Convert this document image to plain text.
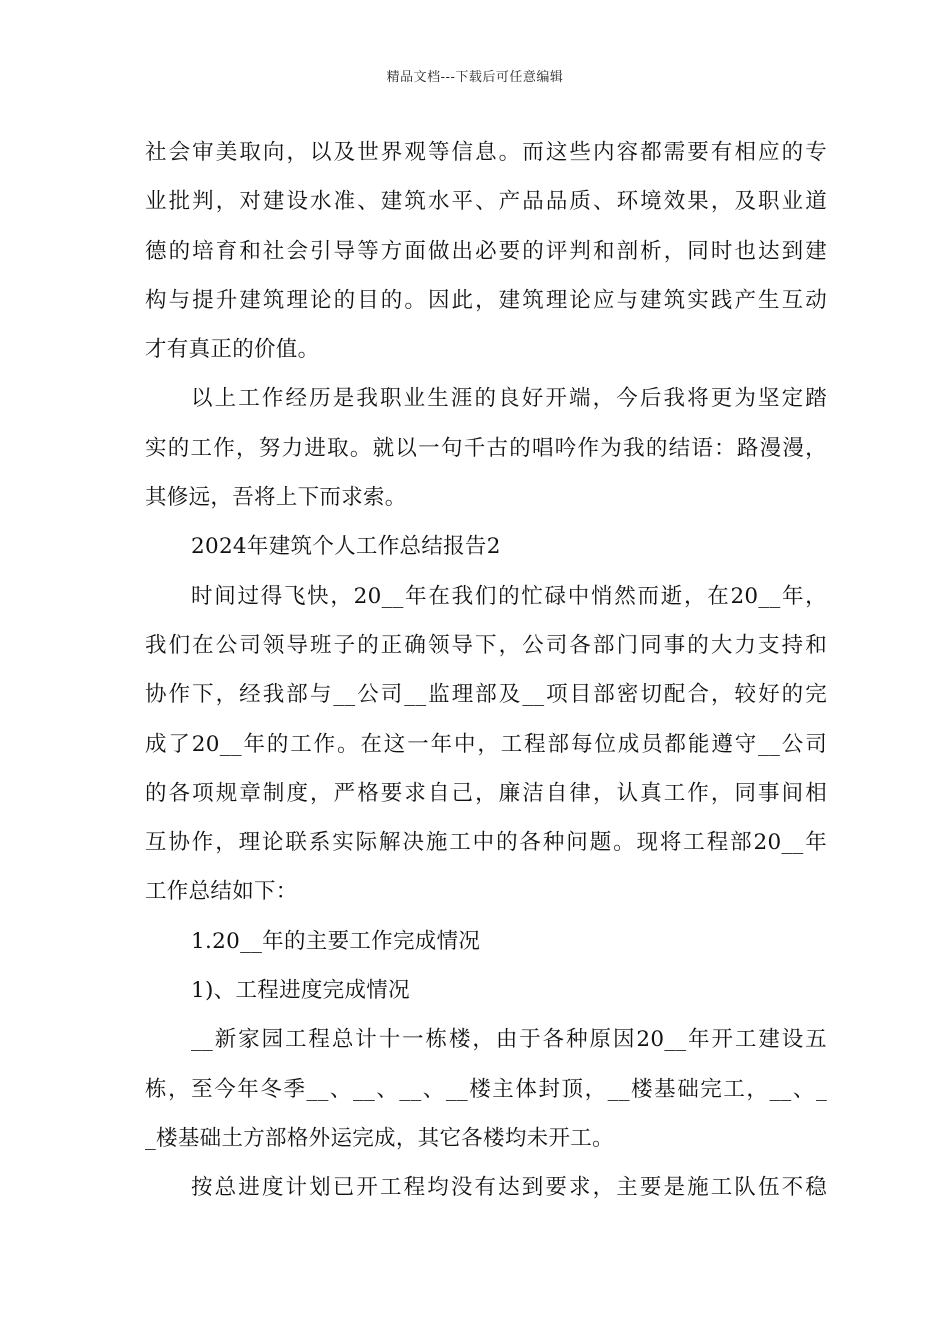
精品文档---下载后可任意编辑
社会审美取向，以及世界观等信息。而这些内容都需要有相应的专
业批判，对建设水准、建筑水平、产品品质、环境效果，及职业道
德的培育和社会引导等方面做出必要的评判和剖析，同时也达到建
构与提升建筑理论的目的。因此，建筑理论应与建筑实践产生互动
才有真正的价值。
以上工作经历是我职业生涯的良好开端，今后我将更为坚定踏
实的工作，努力进取。就以一句千古的唱吟作为我的结语：路漫漫，
其修远，吾将上下而求索。
2024年建筑个人工作总结报告2
时间过得飞快，20__年在我们的忙碌中悄然而逝，在20__年，
我们在公司领导班子的正确领导下，公司各部门同事的大力支持和
协作下，经我部与__公司__监理部及__项目部密切配合，较好的完
成了20__年的工作。在这一年中，工程部每位成员都能遵守__公司
的各项规章制度，严格要求自己，廉洁自律，认真工作，同事间相
互协作，理论联系实际解决施工中的各种问题。现将工程部20__年
工作总结如下：
1.20__年的主要工作完成情况
1)、工程进度完成情况
__新家园工程总计十一栋楼，由于各种原因20__年开工建设五
栋，至今年冬季__、__、__、__楼主体封顶，__楼基础完工，__、_
_楼基础土方部格外运完成，其它各楼均未开工。
按总进度计划已开工程均没有达到要求，主要是施工队伍不稳
